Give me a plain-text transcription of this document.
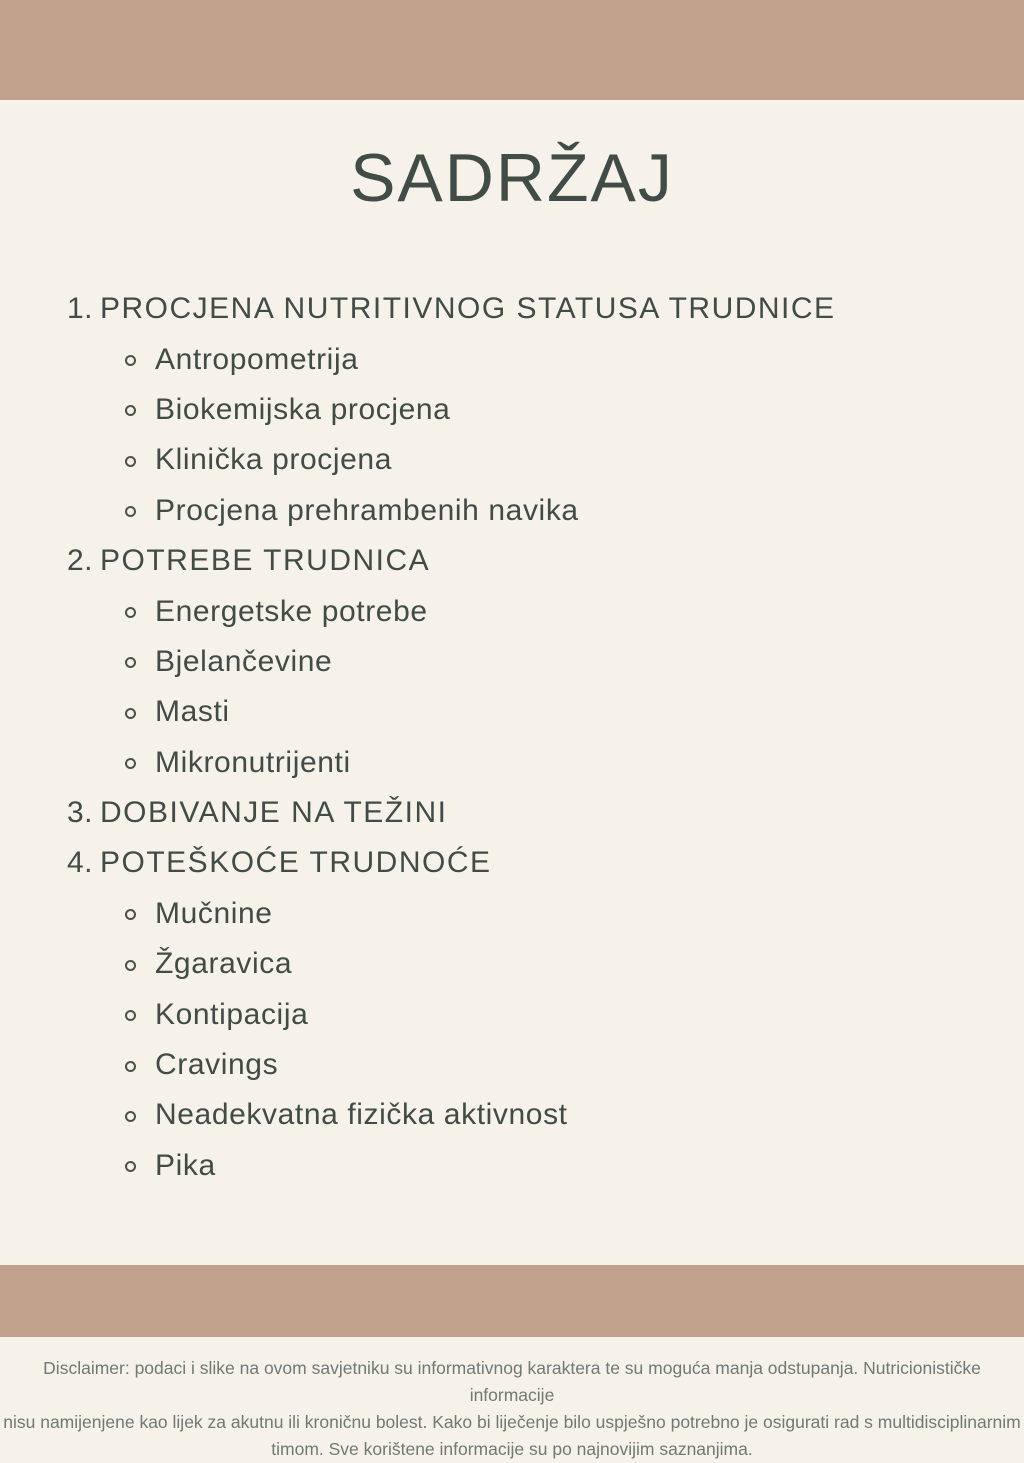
SADRŽAJ
1. PROCJENA NUTRITIVNOG STATUSA TRUDNICE
Antropometrija
Biokemijska procjena
Klinička procjena
Procjena prehrambenih navika
2. POTREBE TRUDNICA
Energetske potrebe
Bjelančevine
Masti
Mikronutrijenti
3. DOBIVANJE NA TEŽINI
4. POTEŠKOĆE TRUDNOĆE
Mučnine
Žgaravica
Kontipacija
Cravings
Neadekvatna fizička aktivnost
Pika
Disclaimer: podaci i slike na ovom savjetniku su informativnog karaktera te su moguća manja odstupanja. Nutricionističke informacije
nisu namijenjene kao lijek za akutnu ili kroničnu bolest. Kako bi liječenje bilo uspješno potrebno je osigurati rad s multidisciplinarnim
timom. Sve korištene informacije su po najnovijim saznanjima.
